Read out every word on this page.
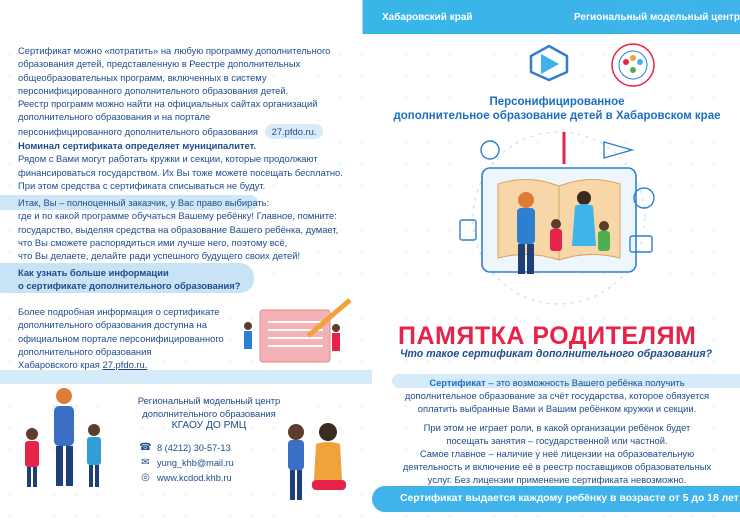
Хабаровский край	Региональный модельный центр
Сертификат можно «потратить» на любую программу дополнительного
образования детей, представленную в Реестре дополнительных
общеобразовательных программ, включенных в систему
персонифицированного дополнительного образования детей.
Реестр программ можно найти на официальных сайтах организаций
дополнительного образования и на портале
персонифицированного дополнительного образования 27.pfdo.ru.
Номинал сертификата определяет муниципалитет.
Рядом с Вами могут работать кружки и секции, которые продолжают
финансироваться государством. Их Вы тоже можете посещать бесплатно.
При этом средства с сертификата списываться не будут.
Итак, Вы – полноценный заказчик, у Вас право выбирать:
где и по какой программе обучаться Вашему ребёнку! Главное, помните:
государство, выделяя средства на образование Вашего ребёнка, думает,
что Вы сможете распорядиться ими лучше него, поэтому всё,
что Вы делаете, делайте ради успешного будущего своих детей!
Как узнать больше информации
о сертификате дополнительного образования?
Более подробная информация о сертификате
дополнительного образования доступна на
официальном портале персонифицированного
дополнительного образования
Хабаровского края 27.pfdo.ru.
Региональный модельный центр
дополнительного образования
КГАОУ ДО РМЦ
☎ 8 (4212) 30-57-13
✉ yung_khb@mail.ru
◎ www.kcdod.khb.ru
Персонифицированное
дополнительное образование детей в Хабаровском крае
ПАМЯТКА РОДИТЕЛЯМ
Что такое сертификат дополнительного образования?
Сертификат – это возможность Вашего ребёнка получить
дополнительное образование за счёт государства, которое обязуется
оплатить выбранные Вами и Вашим ребёнком кружки и секции.
При этом не играет роли, в какой организации ребёнок будет
посещать занятия – государственной или частной.
Самое главное – наличие у неё лицензии на образовательную
деятельность и включение её в реестр поставщиков образовательных
услуг. Без лицензии применение сертификата невозможно.
Сертификат выдается каждому ребёнку в возрасте от 5 до 18 лет
